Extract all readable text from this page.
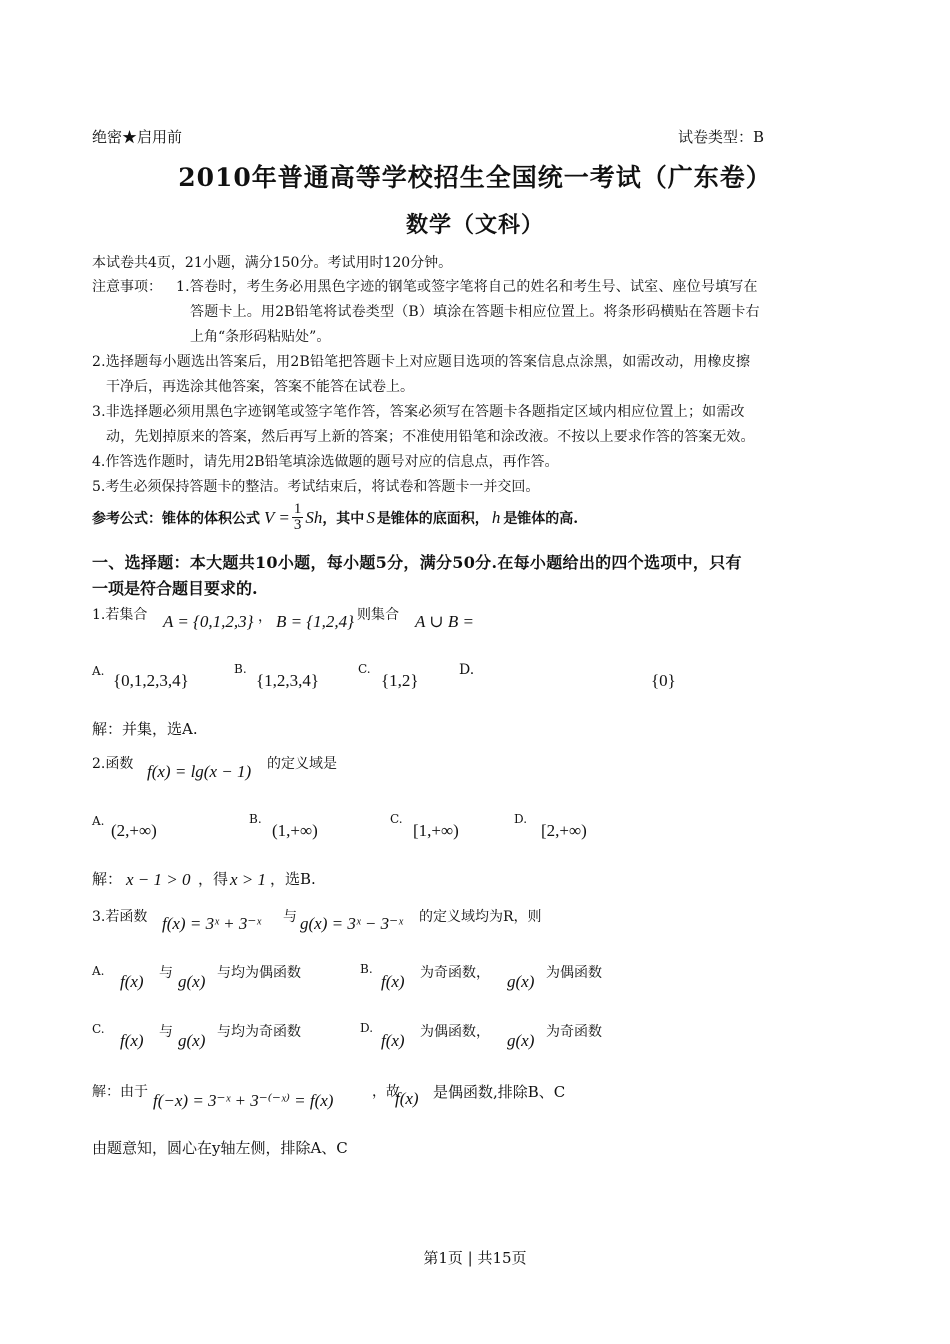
绝密★启用前	试卷类型：B
2010年普通高等学校招生全国统一考试（广东卷）
数学（文科）
本试卷共4页，21小题，满分150分。考试用时120分钟。
注意事项： 1.答卷时，考生务必用黑色字迹的钢笔或签字笔将自己的姓名和考生号、试室、座位号填写在
答题卡上。用2B铅笔将试卷类型（B）填涂在答题卡相应位置上。将条形码横贴在答题卡右
上角“条形码粘贴处”。
2.选择题每小题选出答案后，用2B铅笔把答题卡上对应题目选项的答案信息点涂黑，如需改动，用橡皮擦
干净后，再选涂其他答案，答案不能答在试卷上。
3.非选择题必须用黑色字迹钢笔或签字笔作答，答案必须写在答题卡各题指定区域内相应位置上；如需改
动，先划掉原来的答案，然后再写上新的答案；不准使用铅笔和涂改液。不按以上要求作答的答案无效。
4.作答选作题时，请先用2B铅笔填涂选做题的题号对应的信息点，再作答。
5.考生必须保持答题卡的整洁。考试结束后，将试卷和答题卡一并交回。
参考公式：锥体的体积公式 $V = \frac{1}{3}$ Sh ，其中 S 是锥体的底面积， h 是锥体的高.
一、选择题：本大题共10小题，每小题5分，满分50分.在每小题给出的四个选项中，只有
一项是符合题目要求的.
1.若集合 A = {0,1,2,3} ， B = {1,2,4} 则集合 A ∪ B =
A. {0,1,2,3,4}
B.
{1,2,3,4}
C.
{1,2}
D.
{0}
解：并集，选A.
2.函数 f(x) = lg(x − 1) 的定义域是
A. (2,+∞)
B.
(1,+∞)
C.
[1,+∞)
D.
[2,+∞)
解： x − 1 > 0 ，得 x > 1 ，选B.
3.若函数 f(x) = 3ˣ + 3⁻ˣ 与 g(x) = 3ˣ − 3⁻ˣ 的定义域均为R，则
A.
f(x) 与 g(x) 与均为偶函数	B.
f(x) 为奇函数， g(x) 为偶函数
C.
f(x) 与 g(x) 与均为奇函数	D.
f(x) 为偶函数， g(x) 为奇函数
解：由于 f(−x) = 3⁻ˣ + 3⁻⁽⁻ˣ⁾ = f(x)	，故
f(x) 是偶函数,排除B、C
由题意知，圆心在y轴左侧，排除A、C
第1页 | 共15页
